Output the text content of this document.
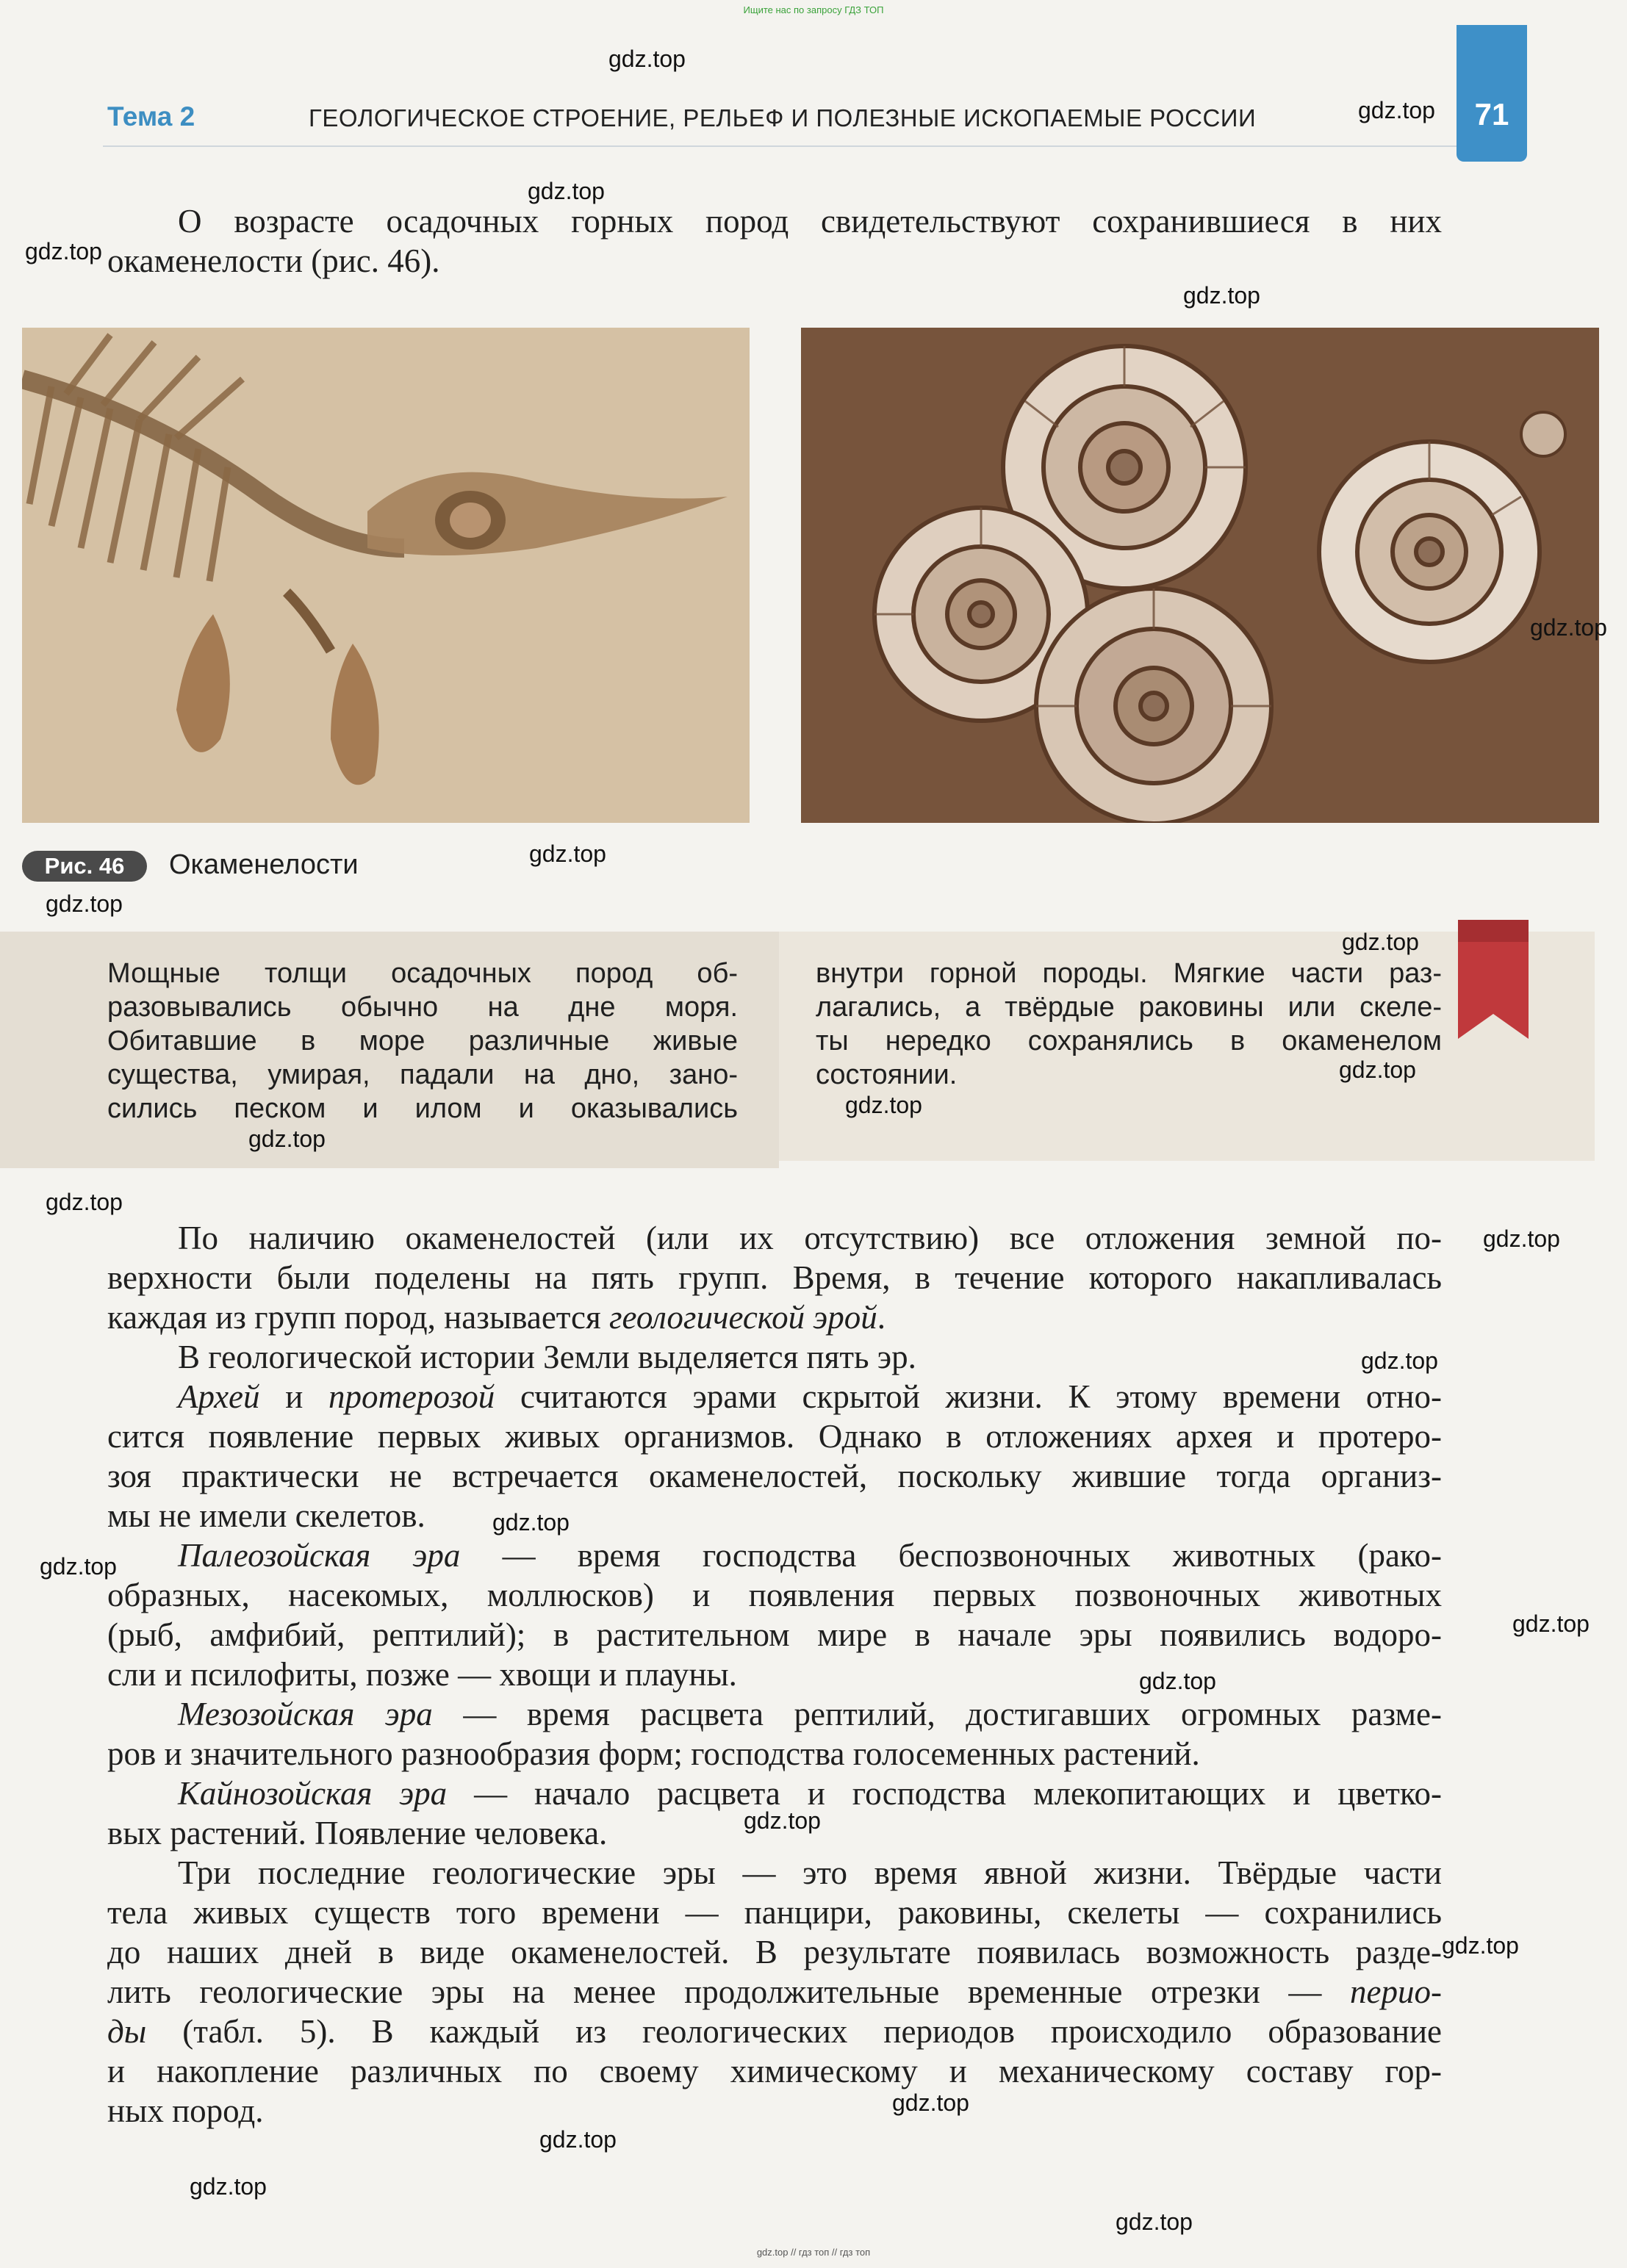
Ищите нас по запросу ГДЗ ТОП
Тема 2	ГЕОЛОГИЧЕСКОЕ СТРОЕНИЕ, РЕЛЬЕФ И ПОЛЕЗНЫЕ ИСКОПАЕМЫЕ РОССИИ	71

О возрасте осадочных горных пород свидетельствуют сохранившиеся в них

окаменелости (рис. 46).

Рис. 46	Окаменелости

Мощные толщи осадочных пород об-

разовывались обычно на дне моря.

Обитавшие в море различные живые

существа, умирая, падали на дно, зано-

сились песком и илом и оказывались

внутри горной породы. Мягкие части раз-

лагались, а твёрдые раковины или скеле-

ты нередко сохранялись в окаменелом

состоянии.

По наличию окаменелостей (или их отсутствию) все отложения земной по-

верхности были поделены на пять групп. Время, в течение которого накапливалась

каждая из групп пород, называется геологической эрой.

В геологической истории Земли выделяется пять эр.

Архей и протерозой считаются эрами скрытой жизни. К этому времени отно-

сится появление первых живых организмов. Однако в отложениях архея и протеро-

зоя практически не встречается окаменелостей, поскольку жившие тогда организ-

мы не имели скелетов.

Палеозойская эра — время господства беспозвоночных животных (рако-

образных, насекомых, моллюсков) и появления первых позвоночных животных

(рыб, амфибий, рептилий); в растительном мире в начале эры появились водоро-

сли и псилофиты, позже — хвощи и плауны.

Мезозойская эра — время расцвета рептилий, достигавших огромных разме-

ров и значительного разнообразия форм; господства голосеменных растений.

Кайнозойская эра — начало расцвета и господства млекопитающих и цветко-

вых растений. Появление человека.

Три последние геологические эры — это время явной жизни. Твёрдые части

тела живых существ того времени — панцири, раковины, скелеты — сохранились

до наших дней в виде окаменелостей. В результате появилась возможность разде-

лить геологические эры на менее продолжительные временные отрезки — перио-

ды (табл. 5). В каждый из геологических периодов происходило образование

и накопление различных по своему химическому и механическому составу гор-

ных пород.

gdz.top
gdz.top
gdz.top
gdz.top
gdz.top
gdz.top
gdz.top
gdz.top
gdz.top
gdz.top
gdz.top
gdz.top
gdz.top
gdz.top
gdz.top
gdz.top
gdz.top
gdz.top
gdz.top
gdz.top
gdz.top
gdz.top
gdz.top
gdz.top
gdz.top
gdz.top // гдз топ // гдз топ
